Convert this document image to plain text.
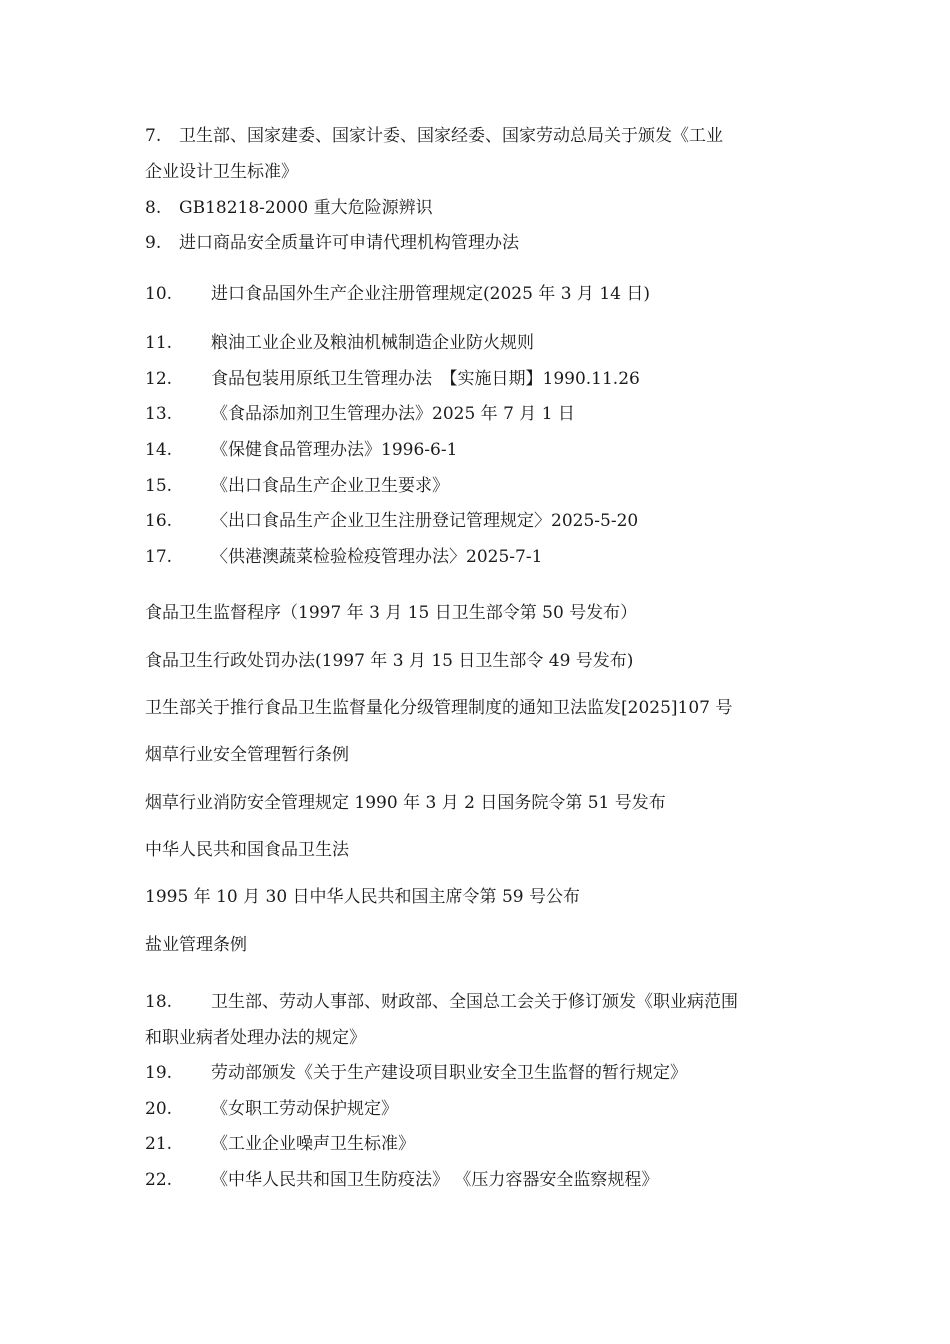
7. 卫生部、国家建委、国家计委、国家经委、国家劳动总局关于颁发《工业
企业设计卫生标准》
8. GB18218-2000 重大危险源辨识
9. 进口商品安全质量许可申请代理机构管理办法
10. 进口食品国外生产企业注册管理规定(2025 年 3 月 14 日)
11. 粮油工业企业及粮油机械制造企业防火规则
12. 食品包装用原纸卫生管理办法　【实施日期】1990.11.26
13. 《食品添加剂卫生管理办法》2025 年 7 月 1 日
14. 《保健食品管理办法》1996-6-1
15. 《出口食品生产企业卫生要求》
16. 〈出口食品生产企业卫生注册登记管理规定〉2025-5-20
17. 〈供港澳蔬菜检验检疫管理办法〉2025-7-1
食品卫生监督程序（1997 年 3 月 15 日卫生部令第 50 号发布）
食品卫生行政处罚办法(1997 年 3 月 15 日卫生部令 49 号发布)
卫生部关于推行食品卫生监督量化分级管理制度的通知卫法监发[2025]107 号
烟草行业安全管理暂行条例
烟草行业消防安全管理规定 1990 年 3 月 2 日国务院令第 51 号发布
中华人民共和国食品卫生法
1995 年 10 月 30 日中华人民共和国主席令第 59 号公布
盐业管理条例
18. 卫生部、劳动人事部、财政部、全国总工会关于修订颁发《职业病范围
和职业病者处理办法的规定》
19. 劳动部颁发《关于生产建设项目职业安全卫生监督的暂行规定》
20. 《女职工劳动保护规定》
21. 《工业企业噪声卫生标准》
22. 《中华人民共和国卫生防疫法》 《压力容器安全监察规程》
